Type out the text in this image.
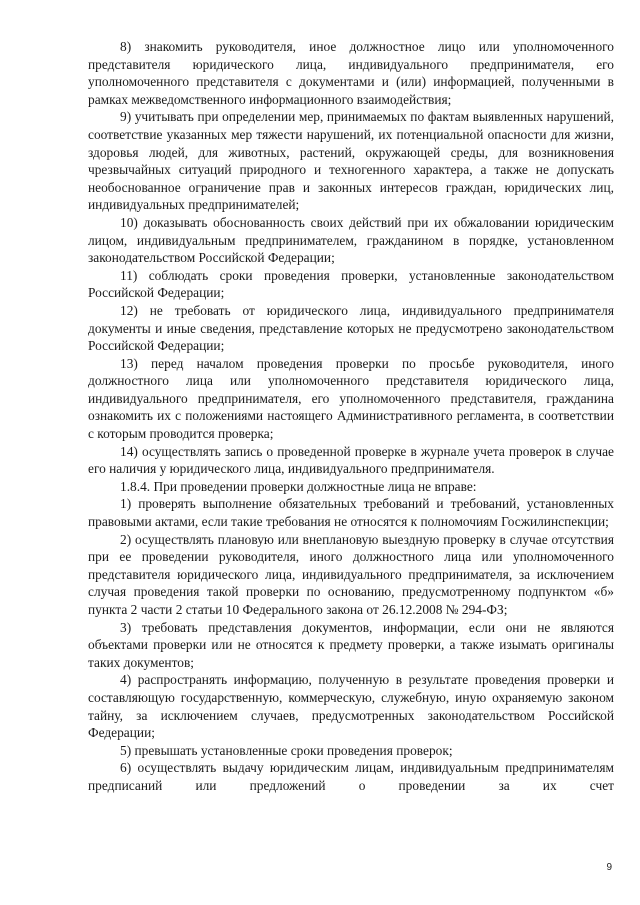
8) знакомить руководителя, иное должностное лицо или уполномоченного представителя юридического лица, индивидуального предпринимателя, его уполномоченного представителя с документами и (или) информацией, полученными в рамках межведомственного информационного взаимодействия;

9) учитывать при определении мер, принимаемых по фактам выявленных нарушений, соответствие указанных мер тяжести нарушений, их потенциальной опасности для жизни, здоровья людей, для животных, растений, окружающей среды, для возникновения чрезвычайных ситуаций природного и техногенного характера, а также не допускать необоснованное ограничение прав и законных интересов граждан, юридических лиц, индивидуальных предпринимателей;

10) доказывать обоснованность своих действий при их обжаловании юридическим лицом, индивидуальным предпринимателем, гражданином в порядке, установленном законодательством Российской Федерации;

11) соблюдать сроки проведения проверки, установленные законодательством Российской Федерации;

12) не требовать от юридического лица, индивидуального предпринимателя документы и иные сведения, представление которых не предусмотрено законодательством Российской Федерации;

13) перед началом проведения проверки по просьбе руководителя, иного должностного лица или уполномоченного представителя юридического лица, индивидуального предпринимателя, его уполномоченного представителя, гражданина ознакомить их с положениями настоящего Административного регламента, в соответствии с которым проводится проверка;

14) осуществлять запись о проведенной проверке в журнале учета проверок в случае его наличия у юридического лица, индивидуального предпринимателя.

1.8.4. При проведении проверки должностные лица не вправе:

1) проверять выполнение обязательных требований и требований, установленных правовыми актами, если такие требования не относятся к полномочиям Госжилинспекции;

2) осуществлять плановую или внеплановую выездную проверку в случае отсутствия при ее проведении руководителя, иного должностного лица или уполномоченного представителя юридического лица, индивидуального предпринимателя, за исключением случая проведения такой проверки по основанию, предусмотренному подпунктом «б» пункта 2 части 2 статьи 10 Федерального закона от 26.12.2008 № 294-ФЗ;

3) требовать представления документов, информации, если они не являются объектами проверки или не относятся к предмету проверки, а также изымать оригиналы таких документов;

4) распространять информацию, полученную в результате проведения проверки и составляющую государственную, коммерческую, служебную, иную охраняемую законом тайну, за исключением случаев, предусмотренных законодательством Российской Федерации;

5) превышать установленные сроки проведения проверок;

6) осуществлять выдачу юридическим лицам, индивидуальным предпринимателям предписаний или предложений о проведении за их счет

9
